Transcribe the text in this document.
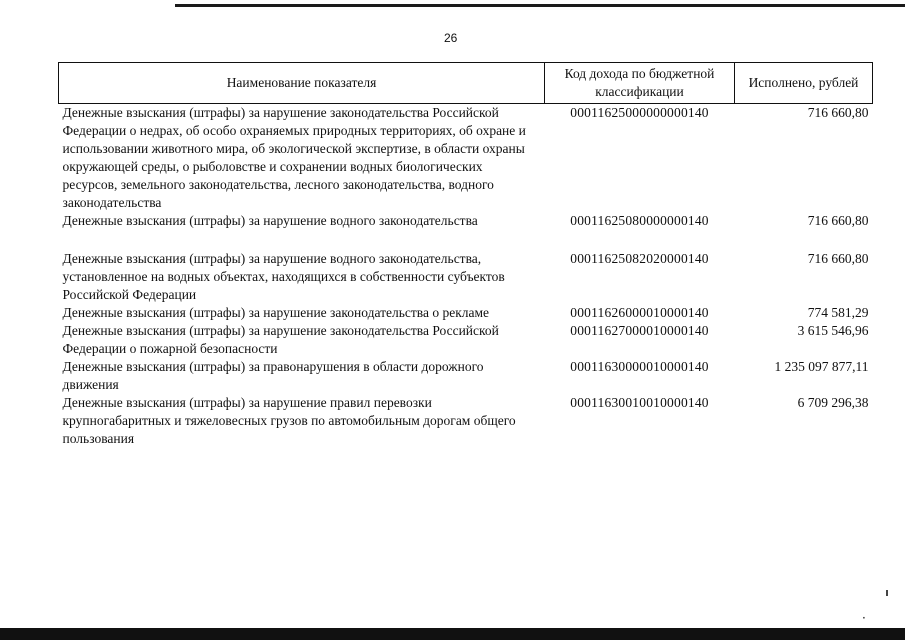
26
Наименование показателя	Код дохода по бюджетной классификации	Исполнено, рублей
Денежные взыскания (штрафы) за нарушение законодательства Российской Федерации о недрах, об особо охраняемых природных территориях, об охране и использовании животного мира, об экологической экспертизе, в области охраны окружающей среды, о рыболовстве и сохранении водных биологических ресурсов, земельного законодательства, лесного законодательства, водного законодательства	00011625000000000140	716 660,80
Денежные взыскания (штрафы) за нарушение водного законодательства	00011625080000000140	716 660,80
Денежные взыскания (штрафы) за нарушение водного законодательства, установленное на водных объектах, находящихся в собственности субъектов Российской Федерации	00011625082020000140	716 660,80
Денежные взыскания (штрафы) за нарушение законодательства о рекламе	00011626000010000140	774 581,29
Денежные взыскания (штрафы) за нарушение законодательства Российской Федерации о пожарной безопасности	00011627000010000140	3 615 546,96
Денежные взыскания (штрафы) за правонарушения в области дорожного движения	00011630000010000140	1 235 097 877,11
Денежные взыскания (штрафы) за нарушение правил перевозки крупногабаритных и тяжеловесных грузов по автомобильным дорогам общего пользования	00011630010010000140	6 709 296,38
·
